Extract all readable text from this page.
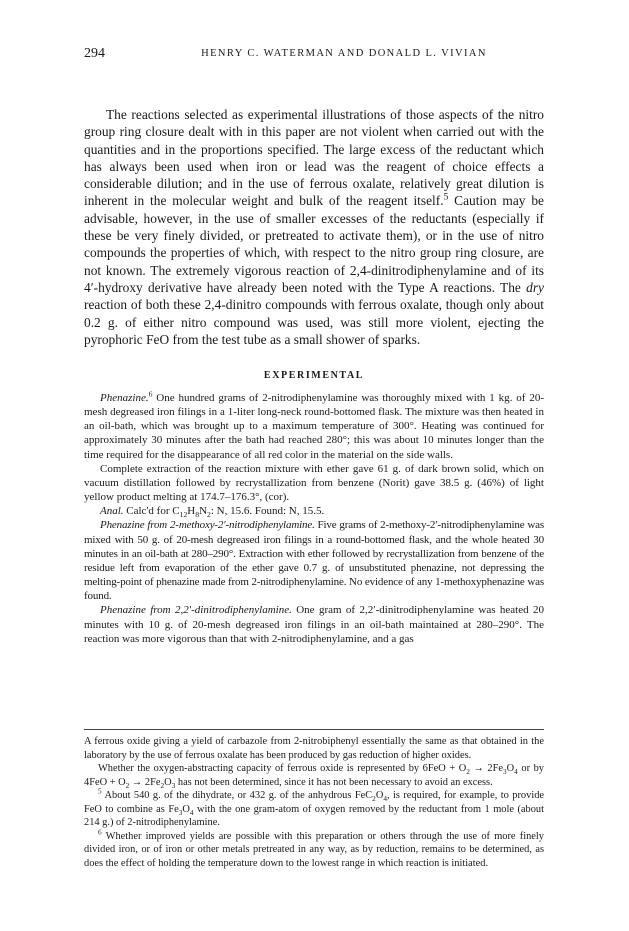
294	HENRY C. WATERMAN AND DONALD L. VIVIAN

The reactions selected as experimental illustrations of those aspects of the nitro group ring closure dealt with in this paper are not violent when carried out with the quantities and in the proportions specified. The large excess of the reductant which has always been used when iron or lead was the reagent of choice effects a considerable dilution; and in the use of ferrous oxalate, relatively great dilution is inherent in the molecular weight and bulk of the reagent itself.$^5$ Caution may be advisable, however, in the use of smaller excesses of the reductants (especially if these be very finely divided, or pretreated to activate them), or in the use of nitro compounds the properties of which, with respect to the nitro group ring closure, are not known. The extremely vigorous reaction of 2,4-dinitrodiphenylamine and of its 4′-hydroxy derivative have already been noted with the Type A reactions. The dry reaction of both these 2,4-dinitro compounds with ferrous oxalate, though only about 0.2 g. of either nitro compound was used, was still more violent, ejecting the pyrophoric FeO from the test tube as a small shower of sparks.

EXPERIMENTAL

Phenazine.$^6$ One hundred grams of 2-nitrodiphenylamine was thoroughly mixed with 1 kg. of 20-mesh degreased iron filings in a 1-liter long-neck round-bottomed flask. The mixture was then heated in an oil-bath, which was brought up to a maximum temperature of 300°. Heating was continued for approximately 30 minutes after the bath had reached 280°; this was about 10 minutes longer than the time required for the disappearance of all red color in the material on the side walls.

Complete extraction of the reaction mixture with ether gave 61 g. of dark brown solid, which on vacuum distillation followed by recrystallization from benzene (Norit) gave 38.5 g. (46%) of light yellow product melting at 174.7–176.3°, (cor).

Anal. Calc'd for $C_{12}H_8N_2$: N, 15.6. Found: N, 15.5.

Phenazine from 2-methoxy-2′-nitrodiphenylamine. Five grams of 2-methoxy-2′-nitrodiphenylamine was mixed with 50 g. of 20-mesh degreased iron filings in a round-bottomed flask, and the whole heated 30 minutes in an oil-bath at 280–290°. Extraction with ether followed by recrystallization from benzene of the residue left from evaporation of the ether gave 0.7 g. of unsubstituted phenazine, not depressing the melting-point of phenazine made from 2-nitrodiphenylamine. No evidence of any 1-methoxyphenazine was found.

Phenazine from 2,2′-dinitrodiphenylamine. One gram of 2,2′-dinitrodiphenylamine was heated 20 minutes with 10 g. of 20-mesh degreased iron filings in an oil-bath maintained at 280–290°. The reaction was more vigorous than that with 2-nitrodiphenylamine, and a gas

A ferrous oxide giving a yield of carbazole from 2-nitrobiphenyl essentially the same as that obtained in the laboratory by the use of ferrous oxalate has been produced by gas reduction of higher oxides.

Whether the oxygen-abstracting capacity of ferrous oxide is represented by $6FeO + O_2 \to 2Fe_3O_4$ or by $4FeO + O_2 \to 2Fe_2O_3$ has not been determined, since it has not been necessary to avoid an excess.

$^5$ About 540 g. of the dihydrate, or 432 g. of the anhydrous $FeC_2O_4$, is required, for example, to provide FeO to combine as $Fe_3O_4$ with the one gram-atom of oxygen removed by the reductant from 1 mole (about 214 g.) of 2-nitrodiphenylamine.

$^6$ Whether improved yields are possible with this preparation or others through the use of more finely divided iron, or of iron or other metals pretreated in any way, as by reduction, remains to be determined, as does the effect of holding the temperature down to the lowest range in which reaction is initiated.
